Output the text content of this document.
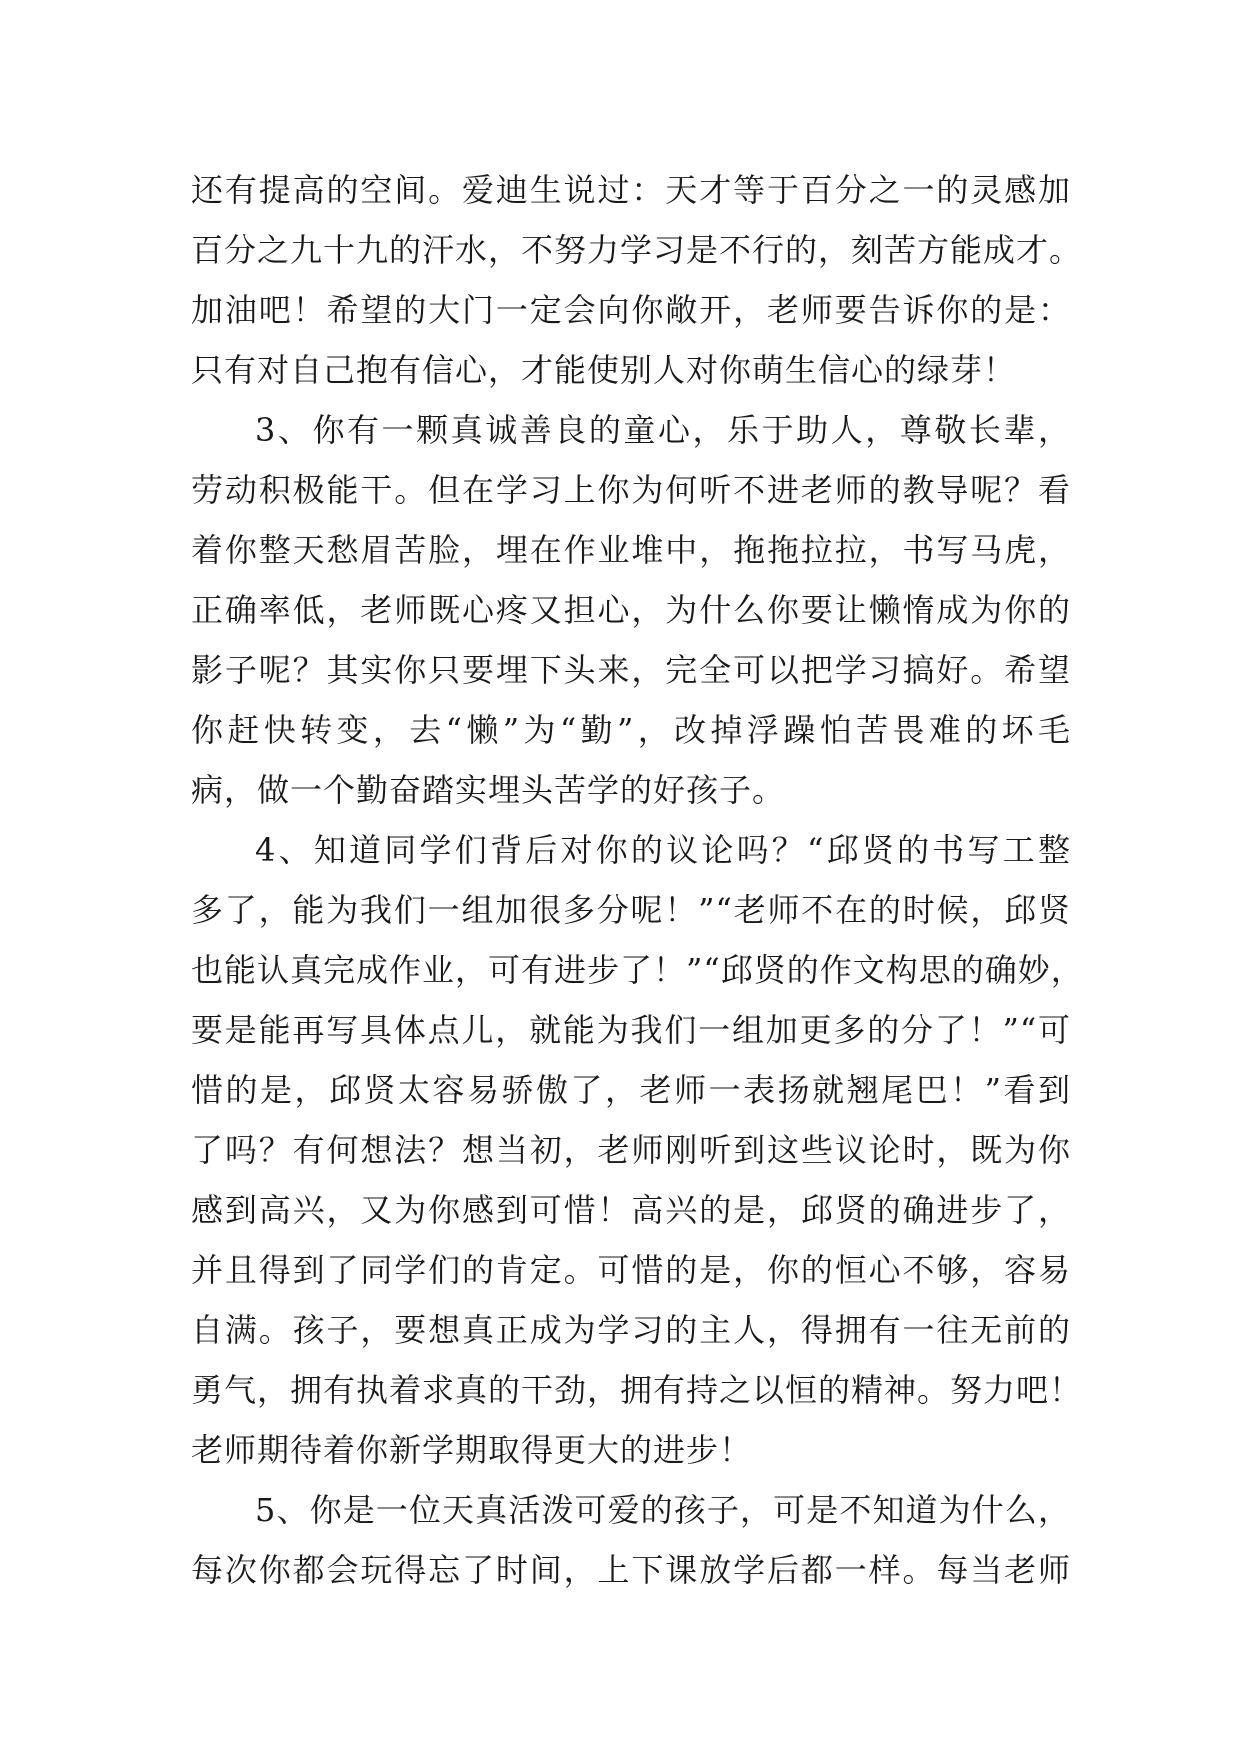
还有提高的空间。爱迪生说过：天才等于百分之一的灵感加
百分之九十九的汗水，不努力学习是不行的，刻苦方能成才。
加油吧！希望的大门一定会向你敞开，老师要告诉你的是：
只有对自己抱有信心，才能使别人对你萌生信心的绿芽！
3、你有一颗真诚善良的童心，乐于助人，尊敬长辈，
劳动积极能干。但在学习上你为何听不进老师的教导呢？看
着你整天愁眉苦脸，埋在作业堆中，拖拖拉拉，书写马虎，
正确率低，老师既心疼又担心，为什么你要让懒惰成为你的
影子呢？其实你只要埋下头来，完全可以把学习搞好。希望
你赶快转变，去“懒”为“勤”，改掉浮躁怕苦畏难的坏毛
病，做一个勤奋踏实埋头苦学的好孩子。
4、知道同学们背后对你的议论吗？“邱贤的书写工整
多了，能为我们一组加很多分呢！”“老师不在的时候，邱贤
也能认真完成作业，可有进步了！”“邱贤的作文构思的确妙，
要是能再写具体点儿，就能为我们一组加更多的分了！”“可
惜的是，邱贤太容易骄傲了，老师一表扬就翘尾巴！”看到
了吗？有何想法？想当初，老师刚听到这些议论时，既为你
感到高兴，又为你感到可惜！高兴的是，邱贤的确进步了，
并且得到了同学们的肯定。可惜的是，你的恒心不够，容易
自满。孩子，要想真正成为学习的主人，得拥有一往无前的
勇气，拥有执着求真的干劲，拥有持之以恒的精神。努力吧！
老师期待着你新学期取得更大的进步！
5、你是一位天真活泼可爱的孩子，可是不知道为什么，
每次你都会玩得忘了时间，上下课放学后都一样。每当老师
